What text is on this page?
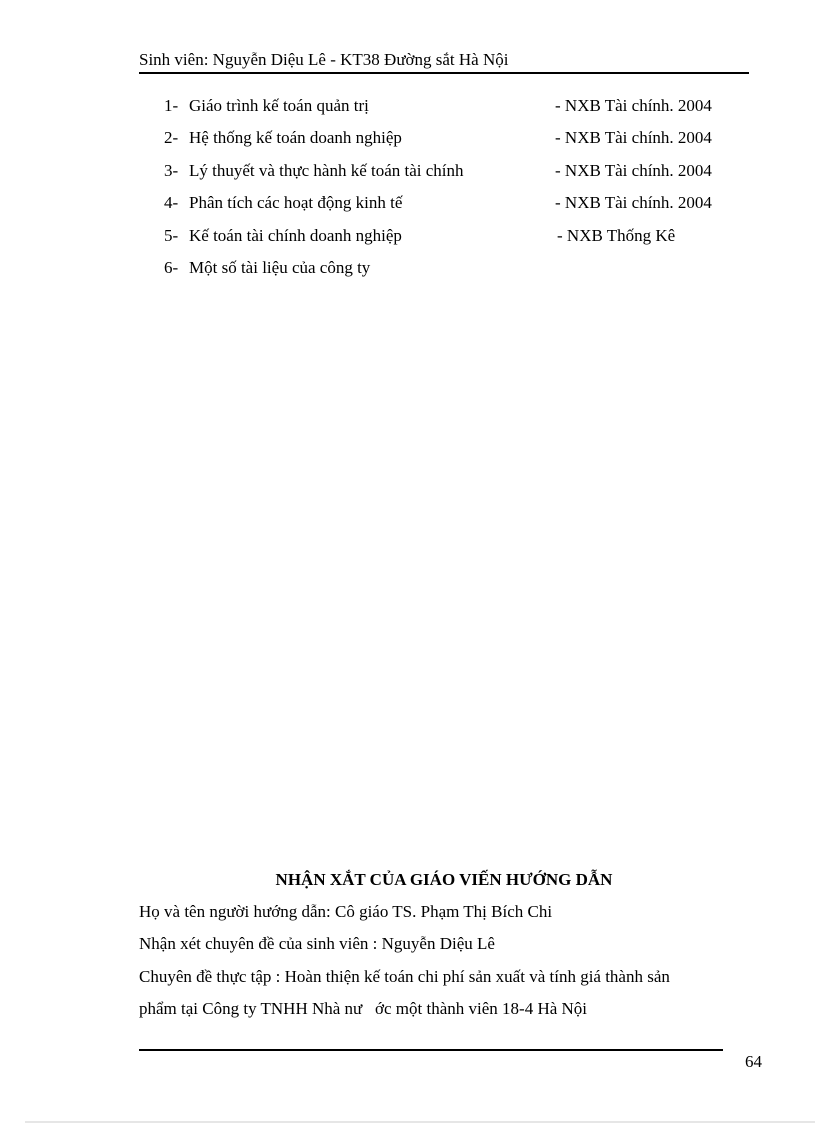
Sinh viên: Nguyễn Diệu Lê - KT38 Đường sắt Hà Nội
1- Giáo trình kế toán quản trị	- NXB Tài chính. 2004
2- Hệ thống kế toán doanh nghiệp	- NXB Tài chính. 2004
3- Lý thuyết và thực hành kế toán tài chính	- NXB Tài chính. 2004
4- Phân tích các hoạt động kinh tế	- NXB Tài chính. 2004
5- Kế toán tài chính doanh nghiệp	- NXB Thống Kê
6- Một số tài liệu của công ty
NHẬN XẮT CỦA GIÁO VIẾN HƯỚNG DẪN
Họ và tên người hướng dẫn: Cô giáo TS. Phạm Thị Bích Chi
Nhận xét chuyên đề của sinh viên : Nguyễn Diệu Lê
Chuyên đề thực tập : Hoàn thiện kế toán chi phí sản xuất và tính giá thành sản
phẩm tại Công ty TNHH Nhà nư   ớc một thành viên 18-4 Hà Nội
64
